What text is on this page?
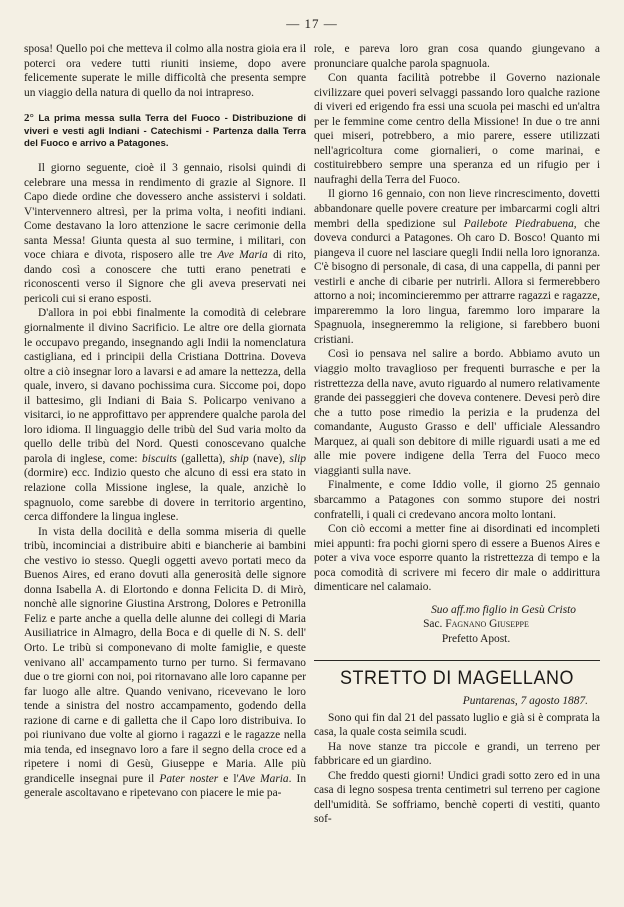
— 17 —

sposa! Quello poi che metteva il colmo alla nostra gioia era il poterci ora vedere tutti riuniti insieme, dopo avere felicemente superate le mille difficoltà che presenta sempre un viaggio della natura di quello da noi intrapreso.

2° La prima messa sulla Terra del Fuoco - Distribuzione di viveri e vesti agli Indiani - Catechismi - Partenza dalla Terra del Fuoco e arrivo a Patagones.

Il giorno seguente, cioè il 3 gennaio, risolsi quindi di celebrare una messa in rendimento di grazie al Signore. Il Capo diede ordine che dovessero anche assistervi i soldati. V'intervennero altresì, per la prima volta, i neofiti indiani. Come destavano la loro attenzione le sacre cerimonie della santa Messa! Giunta questa al suo termine, i militari, con voce chiara e divota, risposero alle tre Ave Maria di rito, dando così a conoscere che tutti erano penetrati e riconoscenti verso il Signore che gli aveva preservati nei pericoli cui si erano esposti.

D'allora in poi ebbi finalmente la comodità di celebrare giornalmente il divino Sacrificio. Le altre ore della giornata le occupavo pregando, insegnando agli Indii la nomenclatura castigliana, ed i principii della Cristiana Dottrina. Doveva oltre a ciò insegnar loro a lavarsi e ad amare la nettezza, della quale, invero, si davano pochissima cura. Siccome poi, dopo il battesimo, gli Indiani di Baia S. Policarpo venivano a visitarci, io ne approfittavo per apprendere qualche parola del loro idioma. Il linguaggio delle tribù del Sud varia molto da quello delle tribù del Nord. Questi conoscevano qualche parola di inglese, come: biscuits (galletta), ship (nave), slip (dormire) ecc. Indizio questo che alcuno di essi era stato in relazione colla Missione inglese, la quale, anzichè lo spagnuolo, come sarebbe di dovere in territorio argentino, cerca diffondere la lingua inglese.

In vista della docilità e della somma miseria di quelle tribù, incominciai a distribuire abiti e biancherie ai bambini che vestivo io stesso. Quegli oggetti avevo portati meco da Buenos Aires, ed erano dovuti alla generosità delle signore donna Isabella A. di Elortondo e donna Felicita D. di Mirò, nonchè alle signorine Giustina Arstrong, Dolores e Petronilla Feliz e parte anche a quella delle alunne dei collegi di Maria Ausiliatrice in Almagro, della Boca e di quelle di N. S. dell' Orto. Le tribù si componevano di molte famiglie, e queste venivano all' accampamento turno per turno. Si fermavano due o tre giorni con noi, poi ritornavano alle loro capanne per far luogo alle altre. Quando venivano, ricevevano le loro tende a sinistra del nostro accampamento, godendo della razione di carne e di galletta che il Capo loro distribuiva. Io poi riunivano due volte al giorno i ragazzi e le ragazze nella mia tenda, ed insegnavo loro a fare il segno della croce ed a ripetere i nomi di Gesù, Giuseppe e Maria. Alle più grandicelle insegnai pure il Pater noster e l'Ave Maria. In generale ascoltavano e ripetevano con piacere le mie pa-

role, e pareva loro gran cosa quando giungevano a pronunciare qualche parola spagnuola.

Con quanta facilità potrebbe il Governo nazionale civilizzare quei poveri selvaggi passando loro qualche razione di viveri ed erigendo fra essi una scuola pei maschi ed un'altra per le femmine come centro della Missione! In due o tre anni quei miseri, potrebbero, a mio parere, essere utilizzati nell'agricoltura come giornalieri, o come marinai, e costituirebbero sempre una speranza ed un rifugio per i naufraghi della Terra del Fuoco.

Il giorno 16 gennaio, con non lieve rincrescimento, dovetti abbandonare quelle povere creature per imbarcarmi cogli altri membri della spedizione sul Pailebote Piedrabuena, che doveva condurci a Patagones. Oh caro D. Bosco! Quanto mi piangeva il cuore nel lasciare quegli Indii nella loro ignoranza. C'è bisogno di personale, di casa, di una cappella, di panni per vestirli e anche di cibarie per nutrirli. Allora si fermerebbero attorno a noi; incomincieremmo per attrarre ragazzi e ragazze, impareremmo la loro lingua, faremmo loro imparare la Spagnuola, insegneremmo la religione, si farebbero buoni cristiani.

Così io pensava nel salire a bordo. Abbiamo avuto un viaggio molto travaglioso per frequenti burrasche e per la ristrettezza della nave, avuto riguardo al numero relativamente grande dei passeggieri che doveva contenere. Devesi però dire che a tutto pose rimedio la perizia e la prudenza del comandante, Augusto Grasso e dell' ufficiale Alessandro Marquez, ai quali son debitore di mille riguardi usati a me ed alle mie povere indigene della Terra del Fuoco meco viaggianti sulla nave.

Finalmente, e come Iddio volle, il giorno 25 gennaio sbarcammo a Patagones con sommo stupore dei nostri confratelli, i quali ci credevano ancora molto lontani.

Con ciò eccomi a metter fine ai disordinati ed incompleti miei appunti: fra pochi giorni spero di essere a Buenos Aires e poter a viva voce esporre quanto la ristrettezza di tempo e la poca comodità di scrivere mi fecero dir male o addirittura dimenticare nel calamaio.

Suo aff.mo figlio in Gesù Cristo
Sac. Fagnano Giuseppe
Prefetto Apost.
STRETTO DI MAGELLANO
Puntarenas, 7 agosto 1887.

Sono qui fin dal 21 del passato luglio e già si è comprata la casa, la quale costa seimila scudi.

Ha nove stanze tra piccole e grandi, un terreno per fabbricare ed un giardino.

Che freddo questi giorni! Undici gradi sotto zero ed in una casa di legno sospesa trenta centimetri sul terreno per cagione dell'umidità. Se soffriamo, benchè coperti di vestiti, quanto sof-
